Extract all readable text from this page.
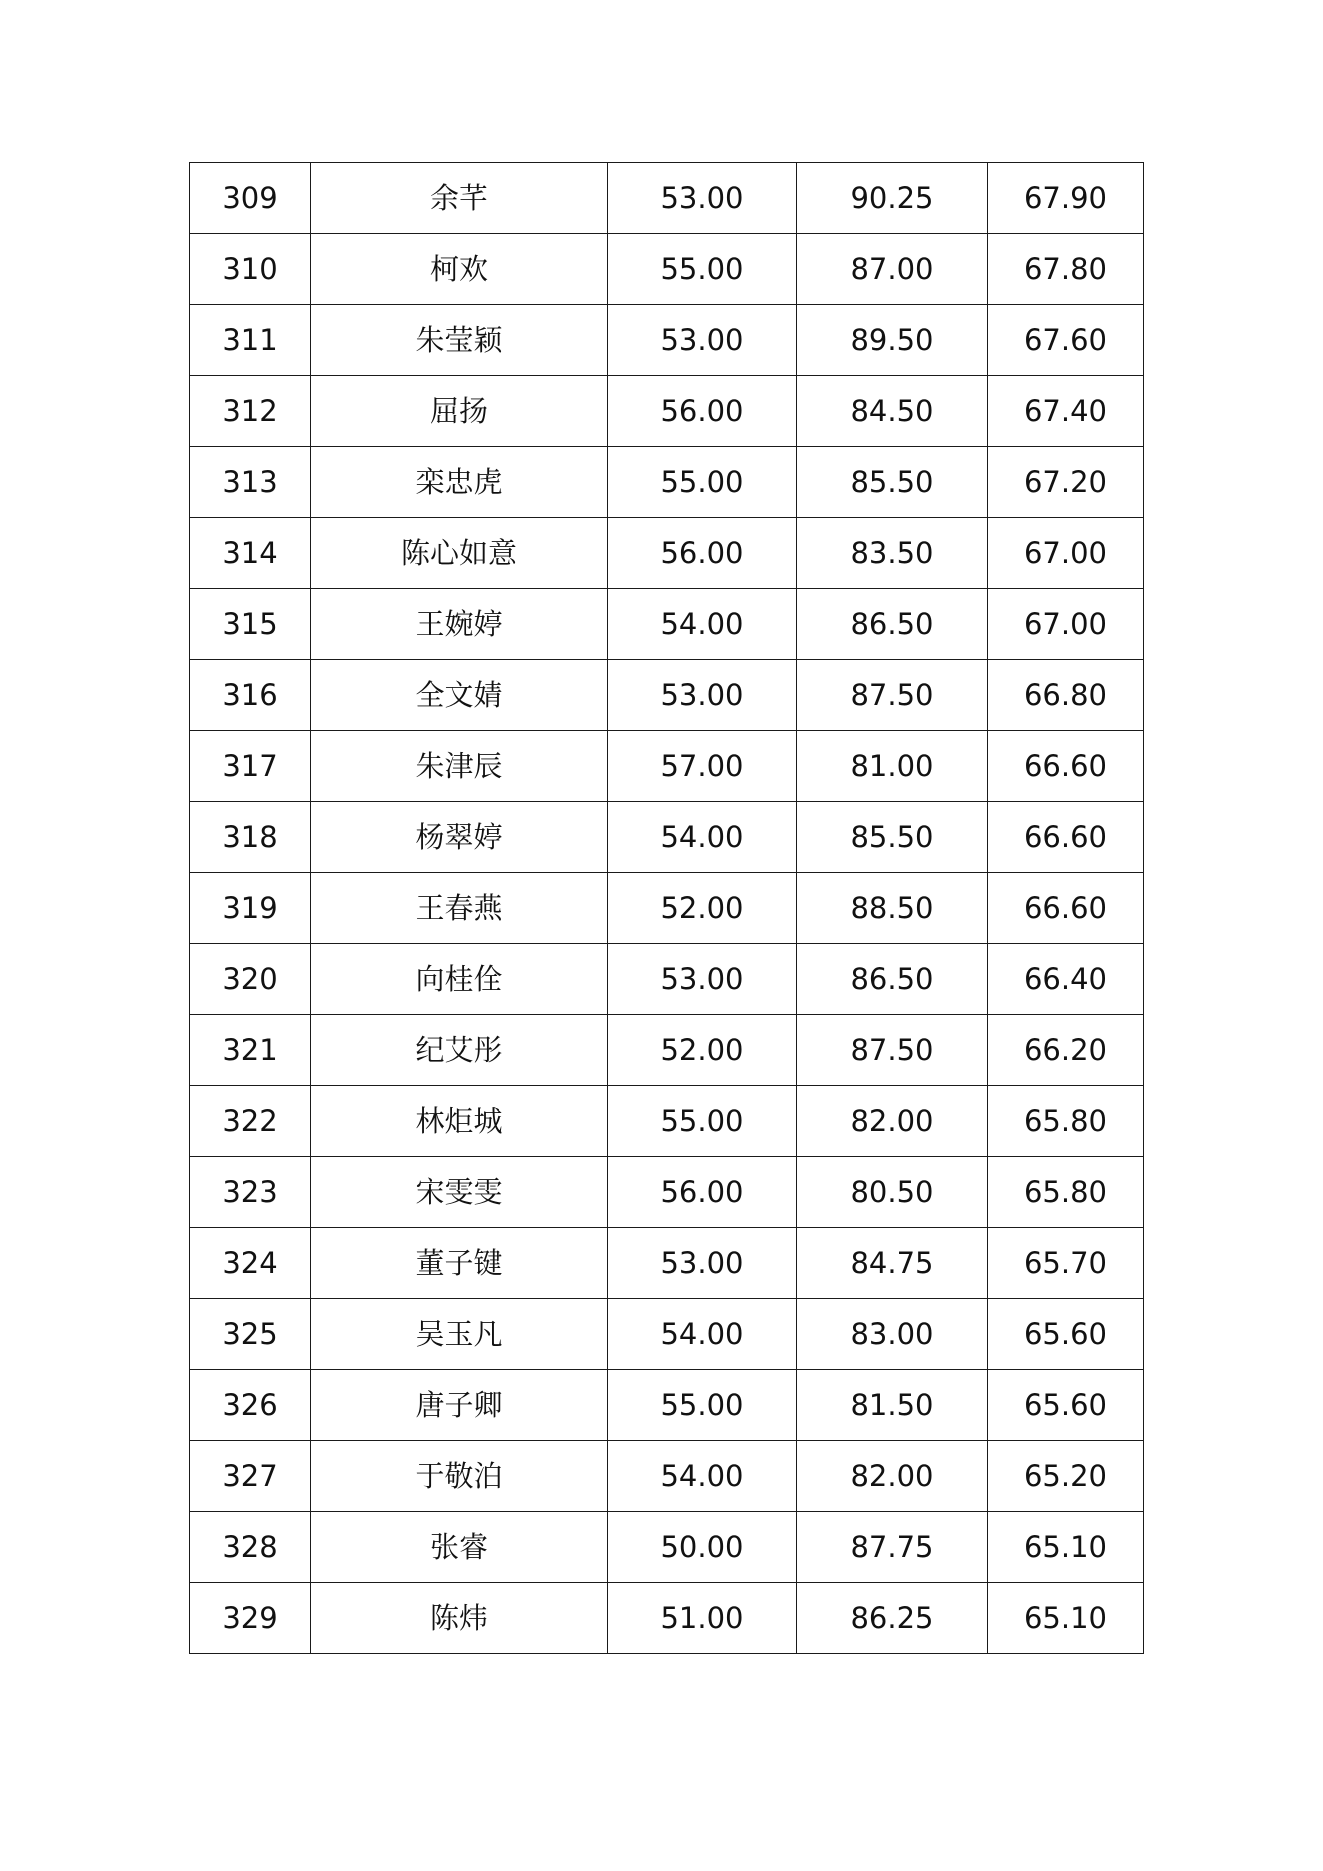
309	余芊	53.00	90.25	67.90
310	柯欢	55.00	87.00	67.80
311	朱莹颖	53.00	89.50	67.60
312	屈扬	56.00	84.50	67.40
313	栾忠虎	55.00	85.50	67.20
314	陈心如意	56.00	83.50	67.00
315	王婉婷	54.00	86.50	67.00
316	全文婧	53.00	87.50	66.80
317	朱津辰	57.00	81.00	66.60
318	杨翠婷	54.00	85.50	66.60
319	王春燕	52.00	88.50	66.60
320	向桂佺	53.00	86.50	66.40
321	纪艾彤	52.00	87.50	66.20
322	林炬城	55.00	82.00	65.80
323	宋雯雯	56.00	80.50	65.80
324	董子键	53.00	84.75	65.70
325	吴玉凡	54.00	83.00	65.60
326	唐子卿	55.00	81.50	65.60
327	于敬泊	54.00	82.00	65.20
328	张睿	50.00	87.75	65.10
329	陈炜	51.00	86.25	65.10
